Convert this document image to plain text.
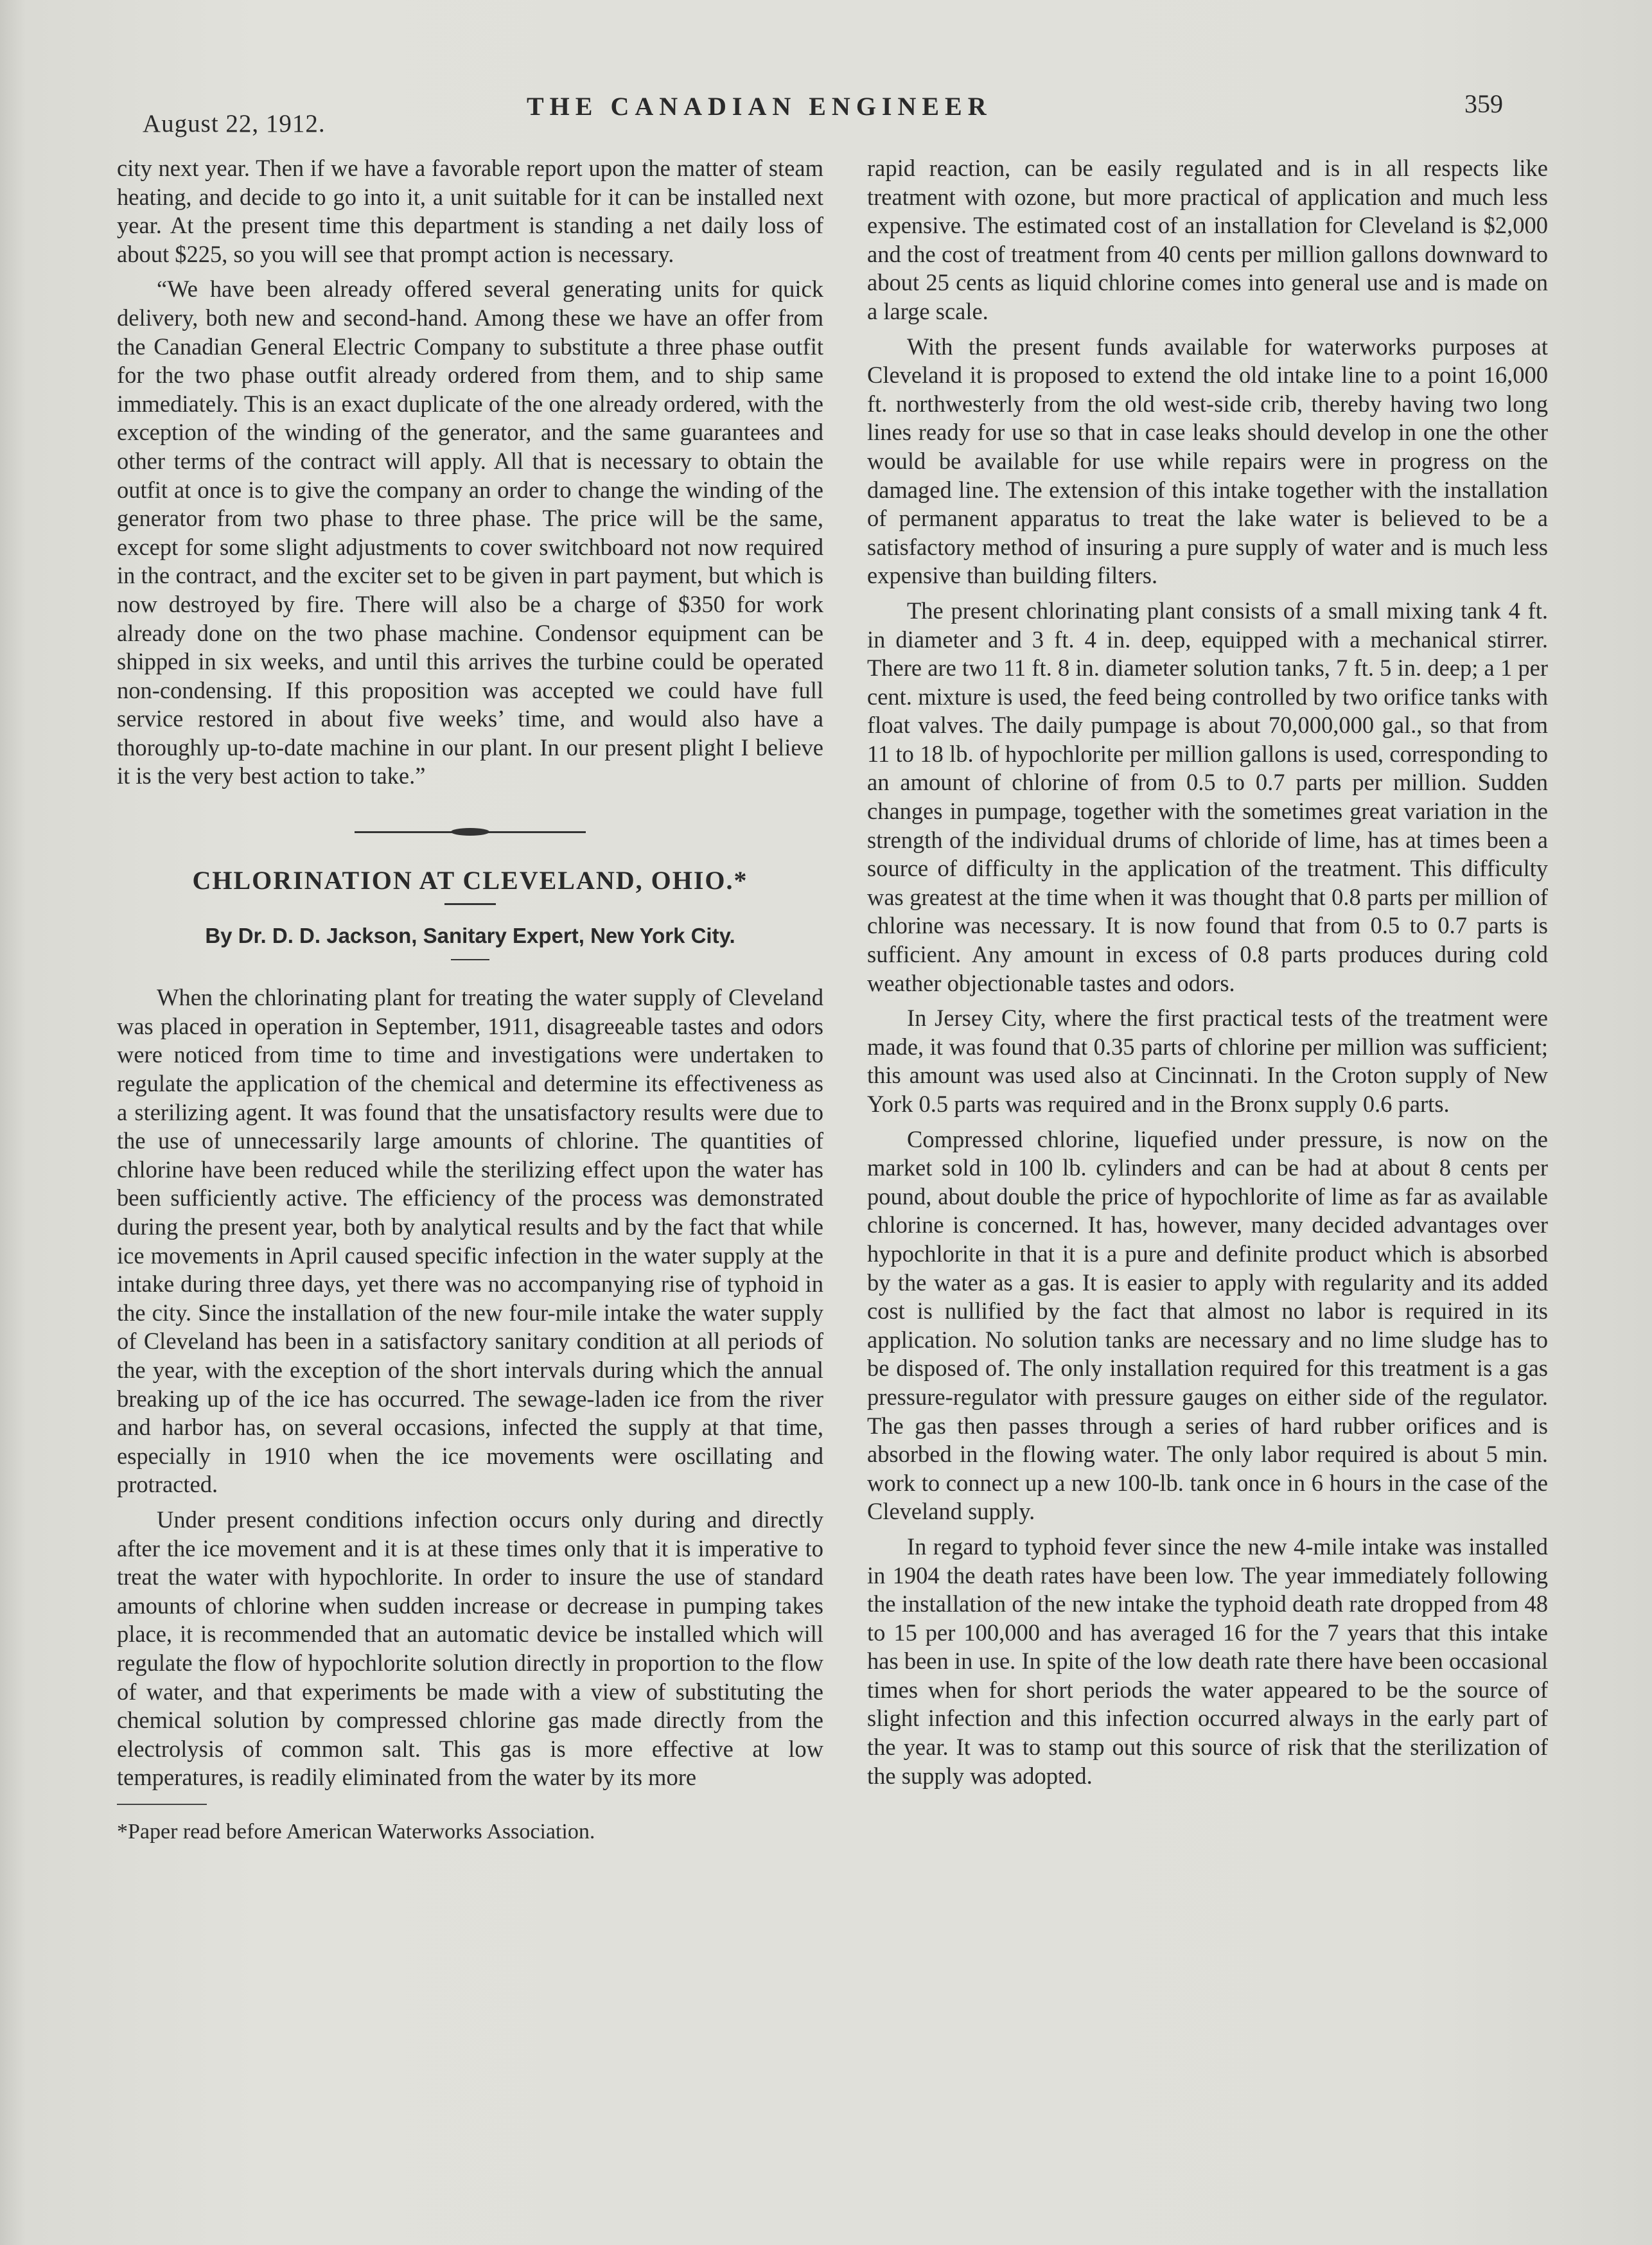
August 22, 1912.
THE CANADIAN ENGINEER	359

city next year. Then if we have a favorable report upon the matter of steam heating, and decide to go into it, a unit suitable for it can be installed next year. At the present time this department is standing a net daily loss of about $225, so you will see that prompt action is necessary.

“We have been already offered several generating units for quick delivery, both new and second-hand. Among these we have an offer from the Canadian General Electric Company to substitute a three phase outfit for the two phase outfit already ordered from them, and to ship same immediately. This is an exact duplicate of the one already ordered, with the exception of the winding of the generator, and the same guarantees and other terms of the contract will apply. All that is necessary to obtain the outfit at once is to give the company an order to change the winding of the generator from two phase to three phase. The price will be the same, except for some slight adjustments to cover switchboard not now required in the contract, and the exciter set to be given in part payment, but which is now destroyed by fire. There will also be a charge of $350 for work already done on the two phase machine. Condensor equipment can be shipped in six weeks, and until this arrives the turbine could be operated non-condensing. If this proposition was accepted we could have full service restored in about five weeks’ time, and would also have a thoroughly up-to-date machine in our plant. In our present plight I believe it is the very best action to take.”

CHLORINATION AT CLEVELAND, OHIO.*
By Dr. D. D. Jackson, Sanitary Expert, New York City.

When the chlorinating plant for treating the water supply of Cleveland was placed in operation in September, 1911, disagreeable tastes and odors were noticed from time to time and investigations were undertaken to regulate the application of the chemical and determine its effectiveness as a sterilizing agent. It was found that the unsatisfactory results were due to the use of unnecessarily large amounts of chlorine. The quantities of chlorine have been reduced while the sterilizing effect upon the water has been sufficiently active. The efficiency of the process was demonstrated during the present year, both by analytical results and by the fact that while ice movements in April caused specific infection in the water supply at the intake during three days, yet there was no accompanying rise of typhoid in the city. Since the installation of the new four-mile intake the water supply of Cleveland has been in a satisfactory sanitary condition at all periods of the year, with the exception of the short intervals during which the annual breaking up of the ice has occurred. The sewage-laden ice from the river and harbor has, on several occasions, infected the supply at that time, especially in 1910 when the ice movements were oscillating and protracted.

Under present conditions infection occurs only during and directly after the ice movement and it is at these times only that it is imperative to treat the water with hypochlorite. In order to insure the use of standard amounts of chlorine when sudden increase or decrease in pumping takes place, it is recommended that an automatic device be installed which will regulate the flow of hypochlorite solution directly in proportion to the flow of water, and that experiments be made with a view of substituting the chemical solution by compressed chlorine gas made directly from the electrolysis of common salt. This gas is more effective at low temperatures, is readily eliminated from the water by its more

*Paper read before American Waterworks Association.

rapid reaction, can be easily regulated and is in all respects like treatment with ozone, but more practical of application and much less expensive. The estimated cost of an installation for Cleveland is $2,000 and the cost of treatment from 40 cents per million gallons downward to about 25 cents as liquid chlorine comes into general use and is made on a large scale.

With the present funds available for waterworks purposes at Cleveland it is proposed to extend the old intake line to a point 16,000 ft. northwesterly from the old west-side crib, thereby having two long lines ready for use so that in case leaks should develop in one the other would be available for use while repairs were in progress on the damaged line. The extension of this intake together with the installation of permanent apparatus to treat the lake water is believed to be a satisfactory method of insuring a pure supply of water and is much less expensive than building filters.

The present chlorinating plant consists of a small mixing tank 4 ft. in diameter and 3 ft. 4 in. deep, equipped with a mechanical stirrer. There are two 11 ft. 8 in. diameter solution tanks, 7 ft. 5 in. deep; a 1 per cent. mixture is used, the feed being controlled by two orifice tanks with float valves. The daily pumpage is about 70,000,000 gal., so that from 11 to 18 lb. of hypochlorite per million gallons is used, corresponding to an amount of chlorine of from 0.5 to 0.7 parts per million. Sudden changes in pumpage, together with the sometimes great variation in the strength of the individual drums of chloride of lime, has at times been a source of difficulty in the application of the treatment. This difficulty was greatest at the time when it was thought that 0.8 parts per million of chlorine was necessary. It is now found that from 0.5 to 0.7 parts is sufficient. Any amount in excess of 0.8 parts produces during cold weather objectionable tastes and odors.

In Jersey City, where the first practical tests of the treatment were made, it was found that 0.35 parts of chlorine per million was sufficient; this amount was used also at Cincinnati. In the Croton supply of New York 0.5 parts was required and in the Bronx supply 0.6 parts.

Compressed chlorine, liquefied under pressure, is now on the market sold in 100 lb. cylinders and can be had at about 8 cents per pound, about double the price of hypochlorite of lime as far as available chlorine is concerned. It has, however, many decided advantages over hypochlorite in that it is a pure and definite product which is absorbed by the water as a gas. It is easier to apply with regularity and its added cost is nullified by the fact that almost no labor is required in its application. No solution tanks are necessary and no lime sludge has to be disposed of. The only installation required for this treatment is a gas pressure-regulator with pressure gauges on either side of the regulator. The gas then passes through a series of hard rubber orifices and is absorbed in the flowing water. The only labor required is about 5 min. work to connect up a new 100-lb. tank once in 6 hours in the case of the Cleveland supply.

In regard to typhoid fever since the new 4-mile intake was installed in 1904 the death rates have been low. The year immediately following the installation of the new intake the typhoid death rate dropped from 48 to 15 per 100,000 and has averaged 16 for the 7 years that this intake has been in use. In spite of the low death rate there have been occasional times when for short periods the water appeared to be the source of slight infection and this infection occurred always in the early part of the year. It was to stamp out this source of risk that the sterilization of the supply was adopted.
